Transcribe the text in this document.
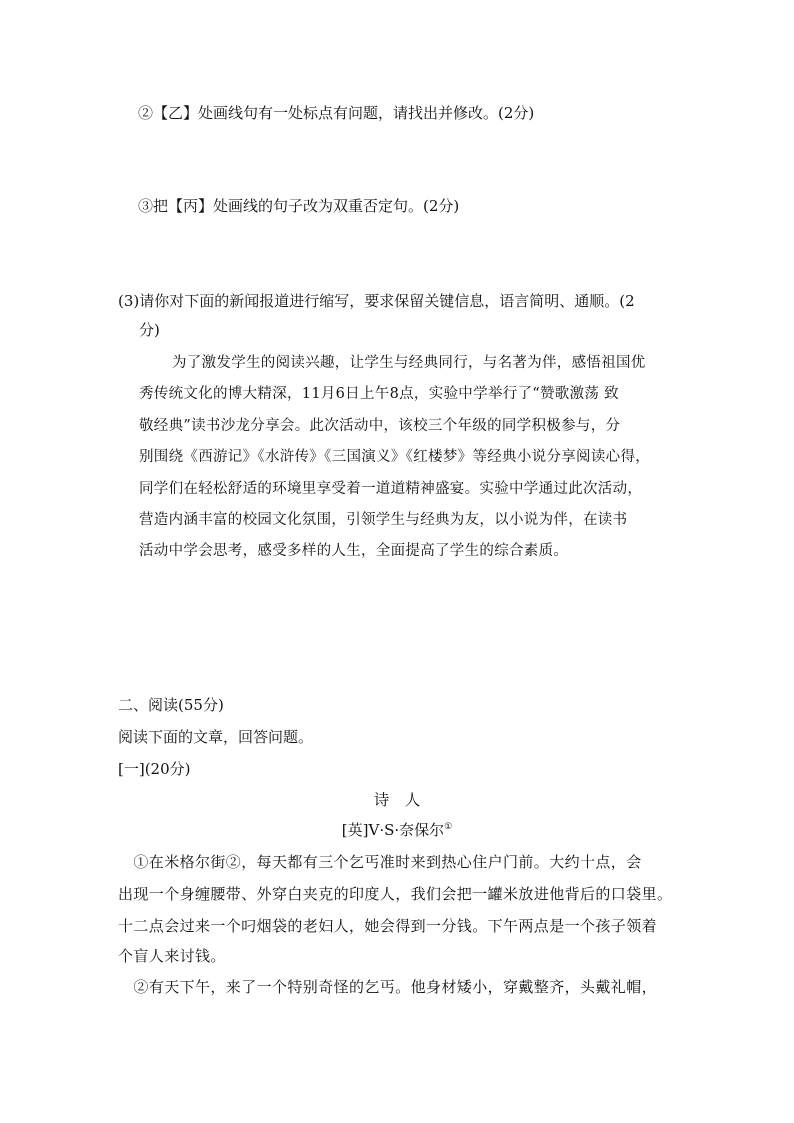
②【乙】处画线句有一处标点有问题，请找出并修改。(2分)
③把【丙】处画线的句子改为双重否定句。(2分)
(3)请你对下面的新闻报道进行缩写，要求保留关键信息，语言简明、通顺。(2
分)
为了激发学生的阅读兴趣，让学生与经典同行，与名著为伴，感悟祖国优
秀传统文化的博大精深，11月6日上午8点，实验中学举行了“赞歌激荡 致
敬经典”读书沙龙分享会。此次活动中，该校三个年级的同学积极参与，分
别围绕《西游记》《水浒传》《三国演义》《红楼梦》等经典小说分享阅读心得，
同学们在轻松舒适的环境里享受着一道道精神盛宴。实验中学通过此次活动，
营造内涵丰富的校园文化氛围，引领学生与经典为友，以小说为伴，在读书
活动中学会思考，感受多样的人生，全面提高了学生的综合素质。
二、阅读(55分)
阅读下面的文章，回答问题。
[一](20分)
诗　人
[英]V·S·奈保尔①
　①在米格尔街②，每天都有三个乞丐准时来到热心住户门前。大约十点，会
出现一个身缠腰带、外穿白夹克的印度人，我们会把一罐米放进他背后的口袋里。
十二点会过来一个叼烟袋的老妇人，她会得到一分钱。下午两点是一个孩子领着
个盲人来讨钱。
　②有天下午，来了一个特别奇怪的乞丐。他身材矮小，穿戴整齐，头戴礼帽，
